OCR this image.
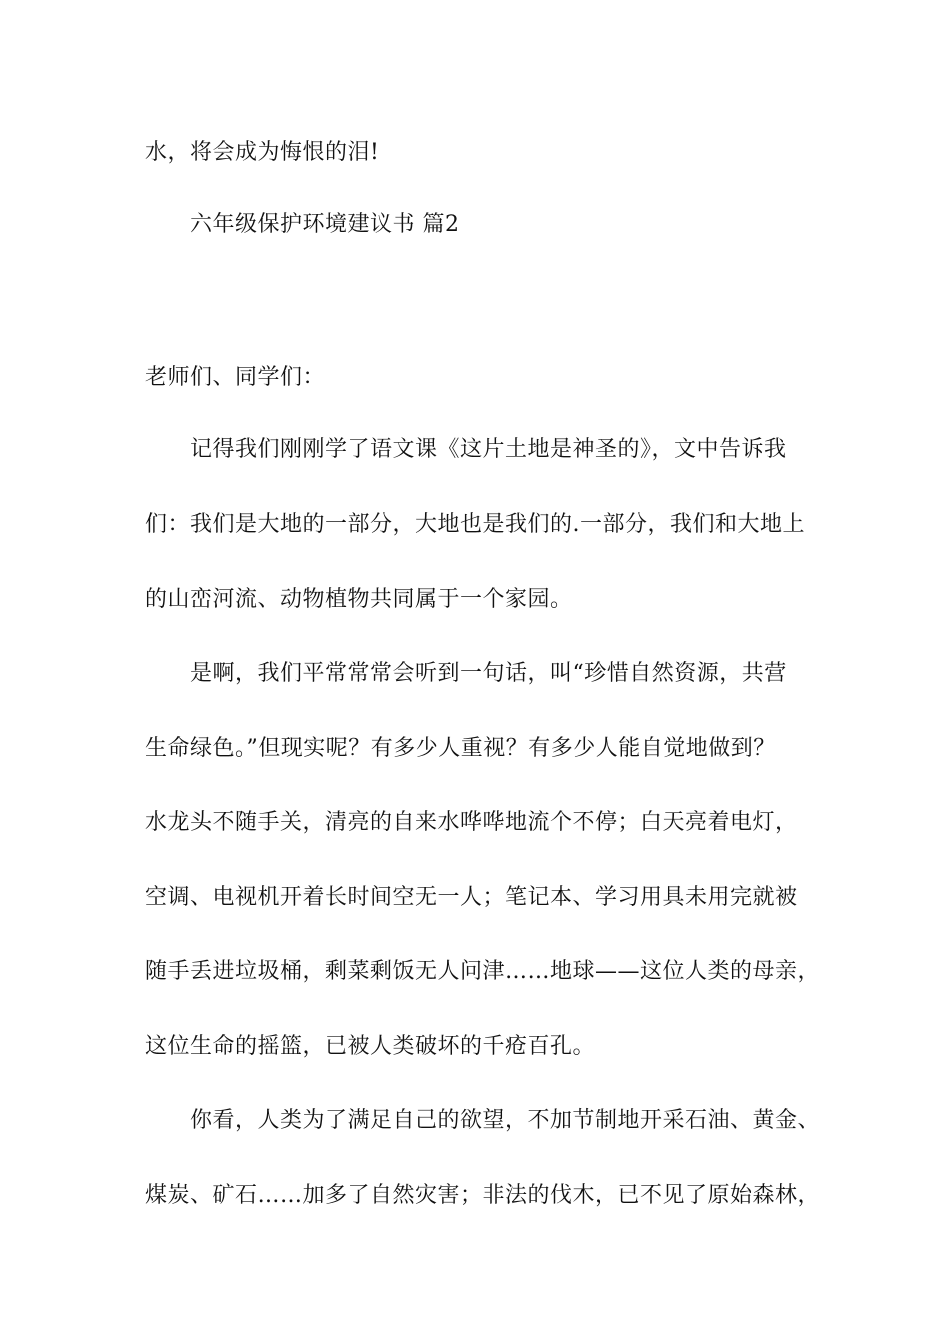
水，将会成为悔恨的泪!
六年级保护环境建议书 篇2
老师们、同学们：
记得我们刚刚学了语文课《这片土地是神圣的》，文中告诉我
们：我们是大地的一部分，大地也是我们的.一部分，我们和大地上
的山峦河流、动物植物共同属于一个家园。
是啊，我们平常常常会听到一句话，叫“珍惜自然资源，共营
生命绿色。”但现实呢？有多少人重视？有多少人能自觉地做到？
水龙头不随手关，清亮的自来水哗哗地流个不停；白天亮着电灯，
空调、电视机开着长时间空无一人；笔记本、学习用具未用完就被
随手丢进垃圾桶，剩菜剩饭无人问津……地球——这位人类的母亲，
这位生命的摇篮，已被人类破坏的千疮百孔。
你看，人类为了满足自己的欲望，不加节制地开采石油、黄金、
煤炭、矿石……加多了自然灾害；非法的伐木，已不见了原始森林，
